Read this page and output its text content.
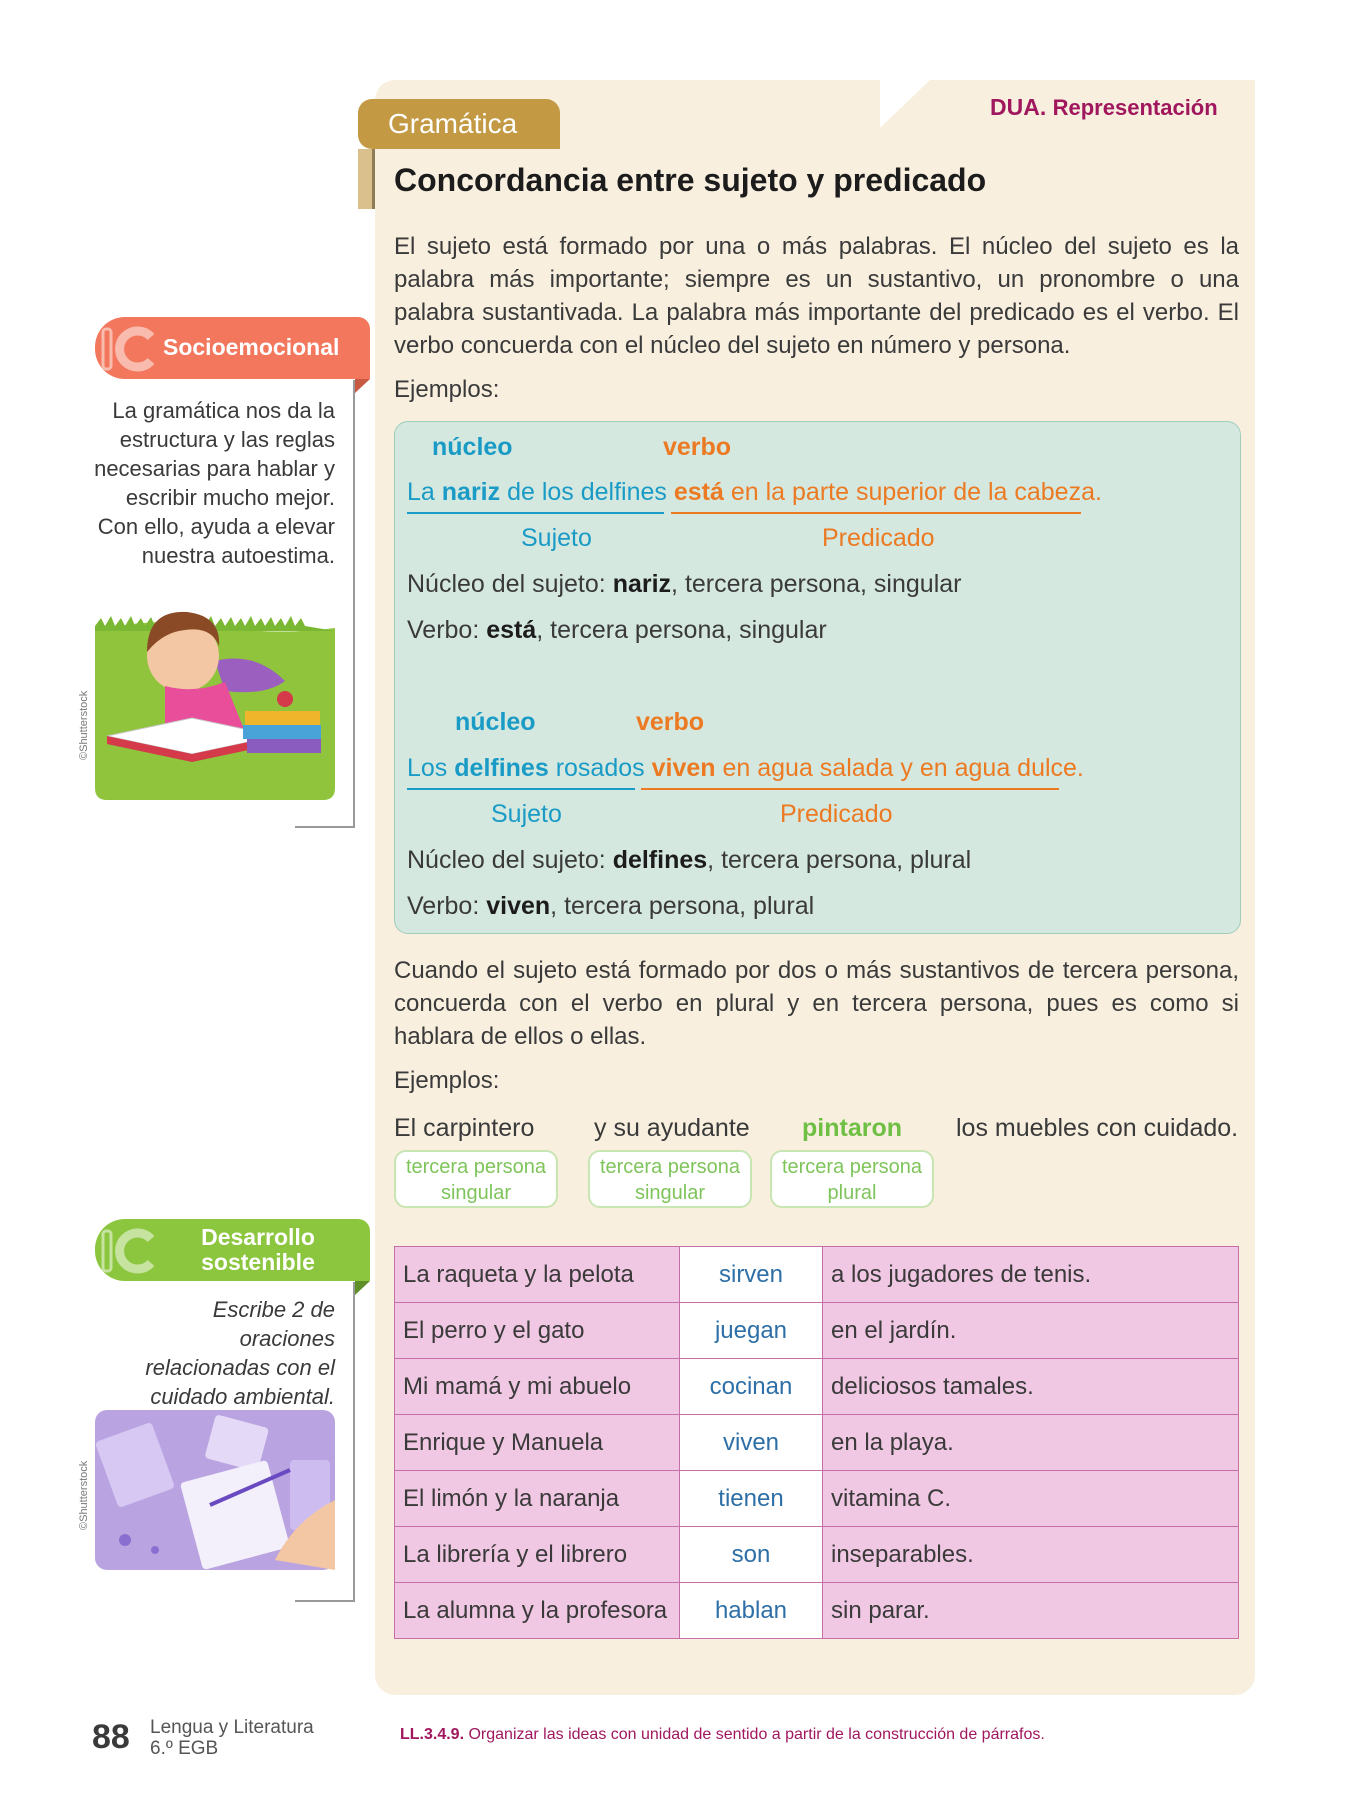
DUA. Representación
Gramática
Concordancia entre sujeto y predicado
El sujeto está formado por una o más palabras. El núcleo del sujeto es la palabra más importante; siempre es un sustantivo, un pronombre o una palabra sustantivada. La palabra más importante del predicado es el verbo. El verbo concuerda con el núcleo del sujeto en número y persona.
Ejemplos:
núcleo	verbo
La nariz de los delfines está en la parte superior de la cabeza.
Sujeto	Predicado
Núcleo del sujeto: nariz, tercera persona, singular
Verbo: está, tercera persona, singular
núcleo	verbo
Los delfines rosados viven en agua salada y en agua dulce.
Sujeto	Predicado
Núcleo del sujeto: delfines, tercera persona, plural
Verbo: viven, tercera persona, plural
Cuando el sujeto está formado por dos o más sustantivos de tercera persona, concuerda con el verbo en plural y en tercera persona, pues es como si hablara de ellos o ellas.
Ejemplos:
El carpintero y su ayudante pintaron los muebles con cuidado.
tercera persona
singular
tercera persona
singular
tercera persona
plural
La raqueta y la pelota	sirven	a los jugadores de tenis.
El perro y el gato	juegan	en el jardín.
Mi mamá y mi abuelo	cocinan	deliciosos tamales.
Enrique y Manuela	viven	en la playa.
El limón y la naranja	tienen	vitamina C.
La librería y el librero	son	inseparables.
La alumna y la profesora	hablan	sin parar.
Socioemocional
La gramática nos da la estructura y las reglas necesarias para hablar y escribir mucho mejor. Con ello, ayuda a elevar nuestra autoestima.
©Shutterstock
Desarrollo
sostenible
Escribe 2 de oraciones relacionadas con el cuidado ambiental.
©Shutterstock
88 Lengua y Literatura
6.º EGB
LL.3.4.9. Organizar las ideas con unidad de sentido a partir de la construcción de párrafos.
